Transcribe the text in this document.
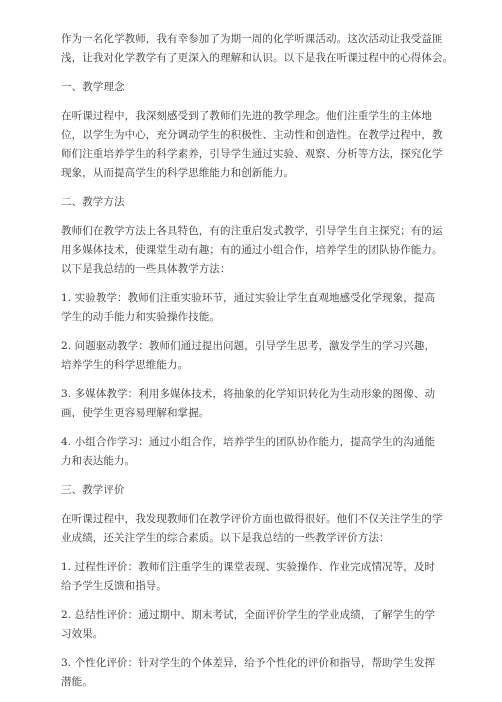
作为一名化学教师，我有幸参加了为期一周的化学听课活动。这次活动让我受益匪
浅，让我对化学教学有了更深入的理解和认识。以下是我在听课过程中的心得体会。
一、教学理念
在听课过程中，我深刻感受到了教师们先进的教学理念。他们注重学生的主体地
位，以学生为中心，充分调动学生的积极性、主动性和创造性。在教学过程中，教
师们注重培养学生的科学素养，引导学生通过实验、观察、分析等方法，探究化学
现象，从而提高学生的科学思维能力和创新能力。
二、教学方法
教师们在教学方法上各具特色，有的注重启发式教学，引导学生自主探究；有的运
用多媒体技术，使课堂生动有趣；有的通过小组合作，培养学生的团队协作能力。
以下是我总结的一些具体教学方法：
1. 实验教学：教师们注重实验环节，通过实验让学生直观地感受化学现象，提高
学生的动手能力和实验操作技能。
2. 问题驱动教学：教师们通过提出问题，引导学生思考，激发学生的学习兴趣，
培养学生的科学思维能力。
3. 多媒体教学：利用多媒体技术，将抽象的化学知识转化为生动形象的图像、动
画，使学生更容易理解和掌握。
4. 小组合作学习：通过小组合作，培养学生的团队协作能力，提高学生的沟通能
力和表达能力。
三、教学评价
在听课过程中，我发现教师们在教学评价方面也做得很好。他们不仅关注学生的学
业成绩，还关注学生的综合素质。以下是我总结的一些教学评价方法：
1. 过程性评价：教师们注重学生的课堂表现、实验操作、作业完成情况等，及时
给予学生反馈和指导。
2. 总结性评价：通过期中、期末考试，全面评价学生的学业成绩，了解学生的学
习效果。
3. 个性化评价：针对学生的个体差异，给予个性化的评价和指导，帮助学生发挥
潜能。
